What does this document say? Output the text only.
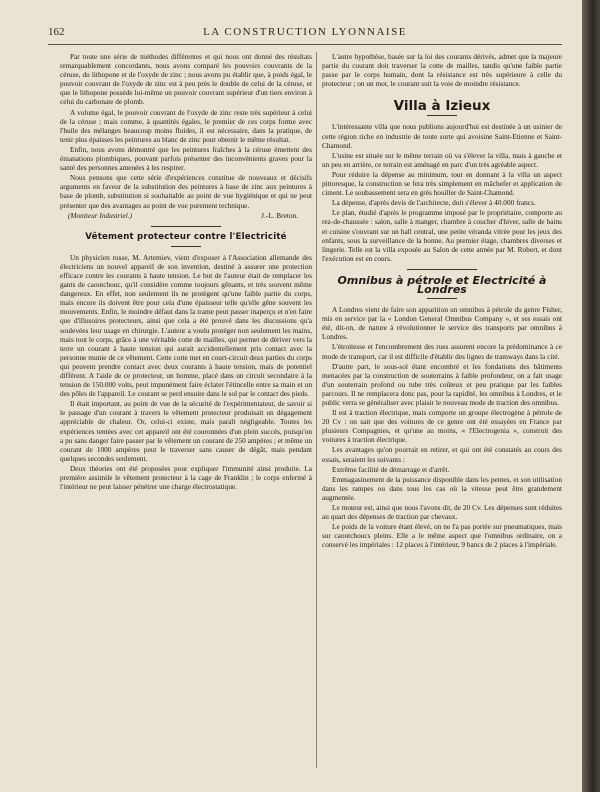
162	LA CONSTRUCTION LYONNAISE

Par toute une série de méthodes différentes et qui nous ont donné des résultats remarquablement concordants, nous avons comparé les pouvoirs couvrants de la céruse, du lithopone et de l'oxyde de zinc ; nous avons pu établir que, à poids égal, le pouvoir couvrant de l'oxyde de zinc est à peu près le double de celui de la céruse, et que le lithopone possède lui-même un pouvoir couvrant supérieur d'un tiers environ à celui du carbonate de plomb.

A volume égal, le pouvoir couvrant de l'oxyde de zinc reste très supérieur à celui de la céruse ; mais comme, à quantités égales, le premier de ces corps forme avec l'huile des mélanges beaucoup moins fluides, il est nécessaire, dans la pratique, de tenir plus épaisses les peintures au blanc de zinc pour obtenir le même résultat.

Enfin, nous avons démontré que les peintures fraîches à la céruse émettent des émanations plombiques, pouvant parfois présenter des inconvénients graves pour la santé des personnes amenées à les respirer.

Nous pensons que cette série d'expériences constitue de nouveaux et décisifs arguments en faveur de la substitution des peintures à base de zinc aux peintures à base de plomb, substitution si souhaitable au point de vue hygiénique et qui ne peut présenter que des avantages au point de vue purement technique.

(Moniteur Industriel.)	J.-L. Breton.
Vêtement protecteur contre l'Electricité

Un physicien russe, M. Artemiev, vient d'exposer à l'Association allemande des électriciens un nouvel appareil de son invention, destiné à assurer une protection efficace contre les courants à haute tension. Le but de l'auteur était de remplacer les gants de caoutchouc, qu'il considère comme toujours gênants, et très souvent même dangereux. En effet, non seulement ils ne protègent qu'une faible partie du corps, mais encore ils doivent être pour cela d'une épaisseur telle qu'elle gêne souvent les mouvements. Enfin, le moindre défaut dans la trame peut passer inaperçu et n'en faire que d'illusoires protecteurs, ainsi que cela a été prouvé dans les discussions qu'a soulevées leur usage en chirurgie. L'auteur a voulu protéger non seulement les mains, mais tout le corps, grâce à une véritable cotte de mailles, qui permet de dériver vers la terre un courant à haute tension qui aurait accidentellement pris contact avec la personne munie de ce vêtement. Cette cotte met en court-circuit deux parties du corps qui peuvent prendre contact avec deux courants à haute tension, mais de potentiel différent. A l'aide de ce protecteur, un homme, placé dans un circuit secondaire à la tension de 150.000 volts, peut impunément faire éclater l'étincelle entre sa main et un des pôles de l'appareil. Le courant se perd ensuite dans le sol par le contact des pieds.

Il était important, au point de vue de la sécurité de l'expérimentateur, de savoir si le passage d'un courant à travers le vêtement protecteur produisait un dégagement appréciable de chaleur. Or, celui-ci existe, mais paraît négligeable. Toutes les expériences tentées avec cet appareil ont été couronnées d'un plein succès, puisqu'on a pu sans danger faire passer par le vêtement un courant de 250 ampères ; et même un courant de 1000 ampères peut le traverser sans causer de dégât, mais pendant quelques secondes seulement.

Deux théories ont été proposées pour expliquer l'immunité ainsi produite. La première assimile le vêtement protecteur à la cage de Franklin ; le corps enfermé à l'intérieur ne peut laisser pénétrer une charge électrostatique.

L'autre hypothèse, basée sur la loi des courants dérivés, admet que la majeure partie du courant doit traverser la cotte de mailles, tandis qu'une faible partie passe par le corps humain, dont la résistance est très supérieure à celle du protecteur ; on un mot, le courant suit la voie de moindre résistance.

Villa à Izieux

L'intéressante villa que nous publions aujourd'hui est destinée à un usinier de cette région riche en industrie de toute sorte qui avoisine Saint-Etienne et Saint-Chamond.

L'usine est située sur le même terrain où va s'élever la villa, mais à gauche et un peu en arrière, ce terrain est aménagé en parc d'un très agréable aspect.

Pour réduire la dépense au minimum, tout en donnant à la villa un aspect pittoresque, la construction se fera très simplement en mâchefer et application de ciment. Le soubassement sera en grès houiller de Saint-Chamond.

La dépense, d'après devis de l'architecte, doit s'élever à 40.000 francs.

Le plan, étudié d'après le programme imposé par le propriétaire, comporte au rez-de-chaussée : salon, salle à manger, chambre à coucher d'hiver, salle de bains et cuisine s'ouvrant sur un hall central, une petite véranda vitrée pour les jeux des enfants, sous la surveillance de la bonne. Au premier étage, chambres diverses et lingerie. Telle est la villa exposée au Salon de cette année par M. Robert, et dont l'exécution est en cours.

Omnibus à pétrole et Electricité à Londres

A Londres vient de faire son apparition un omnibus à pétrole du genre Fisher, mis en service par la « London General Omnibus Company », et ses essais ont été, dit-on, de nature à révolutionner le service des transports par omnibus à Londres.

L'étroitesse et l'encombrement des rues assurent encore la prédominance à ce mode de transport, car il est difficile d'établir des lignes de tramways dans la cité.

D'autre part, le sous-sol étant encombré et les fondations des bâtiments menacées par la construction de souterrains à faible profondeur, on a fait usage d'un souterrain profond ou tube très coûteux et peu pratique par les faibles parcours. Il ne remplacera donc pas, pour la rapidité, les omnibus à Londres, et le public verra se généraliser avec plaisir le nouveau mode de traction des omnibus.

Il est à traction électrique, mais comporte un groupe électrogène à pétrole de 20 Cv : on sait que des voitures de ce genre ont été essayées en France par plusieurs Compagnies, et qu'une au moins, « l'Electrogenia », construit des voitures à traction électrique.

Les avantages qu'on pourrait en retirer, et qui ont été constatés au cours des essais, seraient les suivants :

Extrême facilité de démarrage et d'arrêt.

Emmagasinement de la puissance disponible dans les pentes, et son utilisation dans les rampes ou dans tous les cas où la vitesse peut être grandement augmentée.

Le moteur est, ainsi que nous l'avons dit, de 20 Cv. Les dépenses sont réduites au quart des dépenses de traction par chevaux.

Le poids de la voiture étant élevé, on ne l'a pas portée sur pneumatiques, mais sur caoutchoucs pleins. Elle a le même aspect que l'omnibus ordinaire, on a conservé les impériales : 12 places à l'intérieur, 9 bancs de 2 places à l'impériale.
